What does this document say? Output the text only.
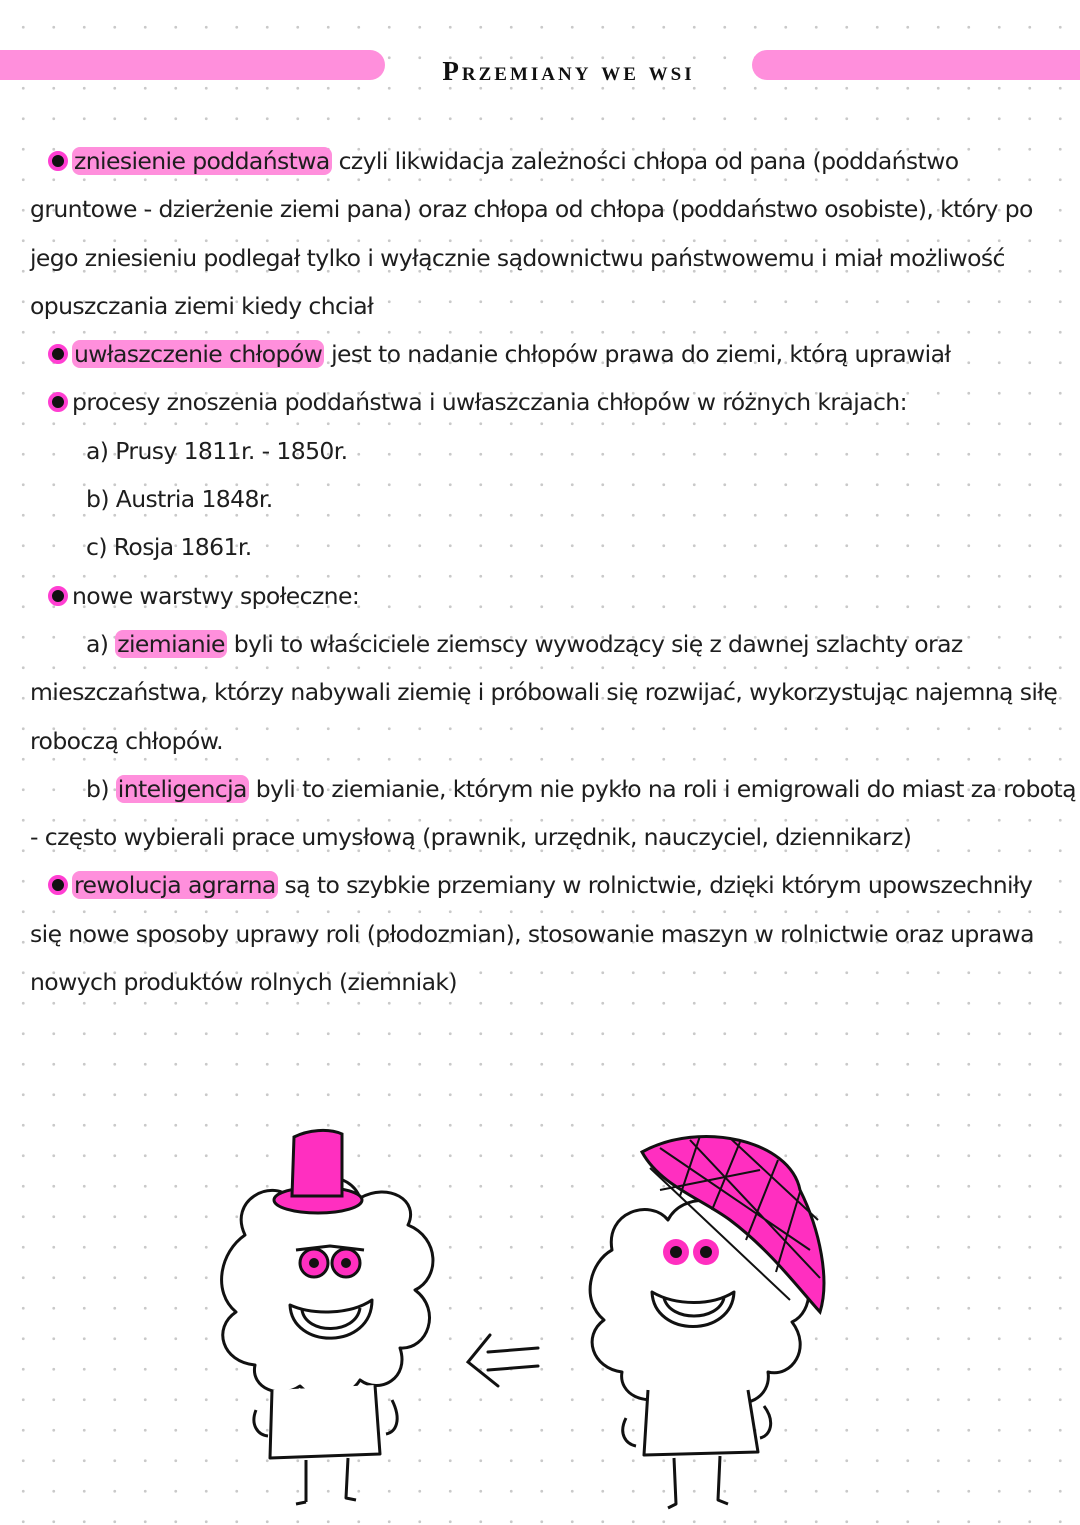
Przemiany we wsi
zniesienie poddaństwa czyli likwidacja zależności chłopa od pana (poddaństwo
gruntowe - dzierżenie ziemi pana) oraz chłopa od chłopa (poddaństwo osobiste), który po
jego zniesieniu podlegał tylko i wyłącznie sądownictwu państwowemu i miał możliwość
opuszczania ziemi kiedy chciał
uwłaszczenie chłopów jest to nadanie chłopów prawa do ziemi, którą uprawiał
procesy znoszenia poddaństwa i uwłaszczania chłopów w różnych krajach:
a) Prusy 1811r. - 1850r.
b) Austria 1848r.
c) Rosja 1861r.
nowe warstwy społeczne:
a) ziemianie byli to właściciele ziemscy wywodzący się z dawnej szlachty oraz
mieszczaństwa, którzy nabywali ziemię i próbowali się rozwijać, wykorzystując najemną siłę
roboczą chłopów.
b) inteligencja byli to ziemianie, którym nie pykło na roli i emigrowali do miast za robotą
- często wybierali prace umysłową (prawnik, urzędnik, nauczyciel, dziennikarz)
rewolucja agrarna są to szybkie przemiany w rolnictwie, dzięki którym upowszechniły
się nowe sposoby uprawy roli (płodozmian), stosowanie maszyn w rolnictwie oraz uprawa
nowych produktów rolnych (ziemniak)
